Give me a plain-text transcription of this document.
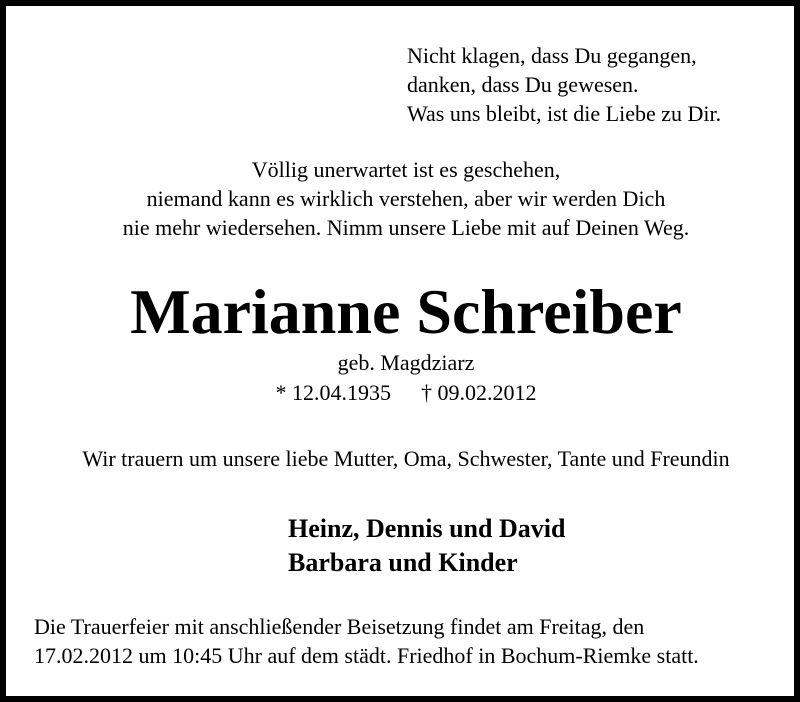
Nicht klagen, dass Du gegangen,
danken, dass Du gewesen.
Was uns bleibt, ist die Liebe zu Dir.
Völlig unerwartet ist es geschehen,
niemand kann es wirklich verstehen, aber wir werden Dich
nie mehr wiedersehen. Nimm unsere Liebe mit auf Deinen Weg.
Marianne Schreiber
geb. Magdziarz
* 12.04.1935 † 09.02.2012
Wir trauern um unsere liebe Mutter, Oma, Schwester, Tante und Freundin
Heinz, Dennis und David
Barbara und Kinder
Die Trauerfeier mit anschließender Beisetzung findet am Freitag, den
17.02.2012 um 10:45 Uhr auf dem städt. Friedhof in Bochum-Riemke statt.
